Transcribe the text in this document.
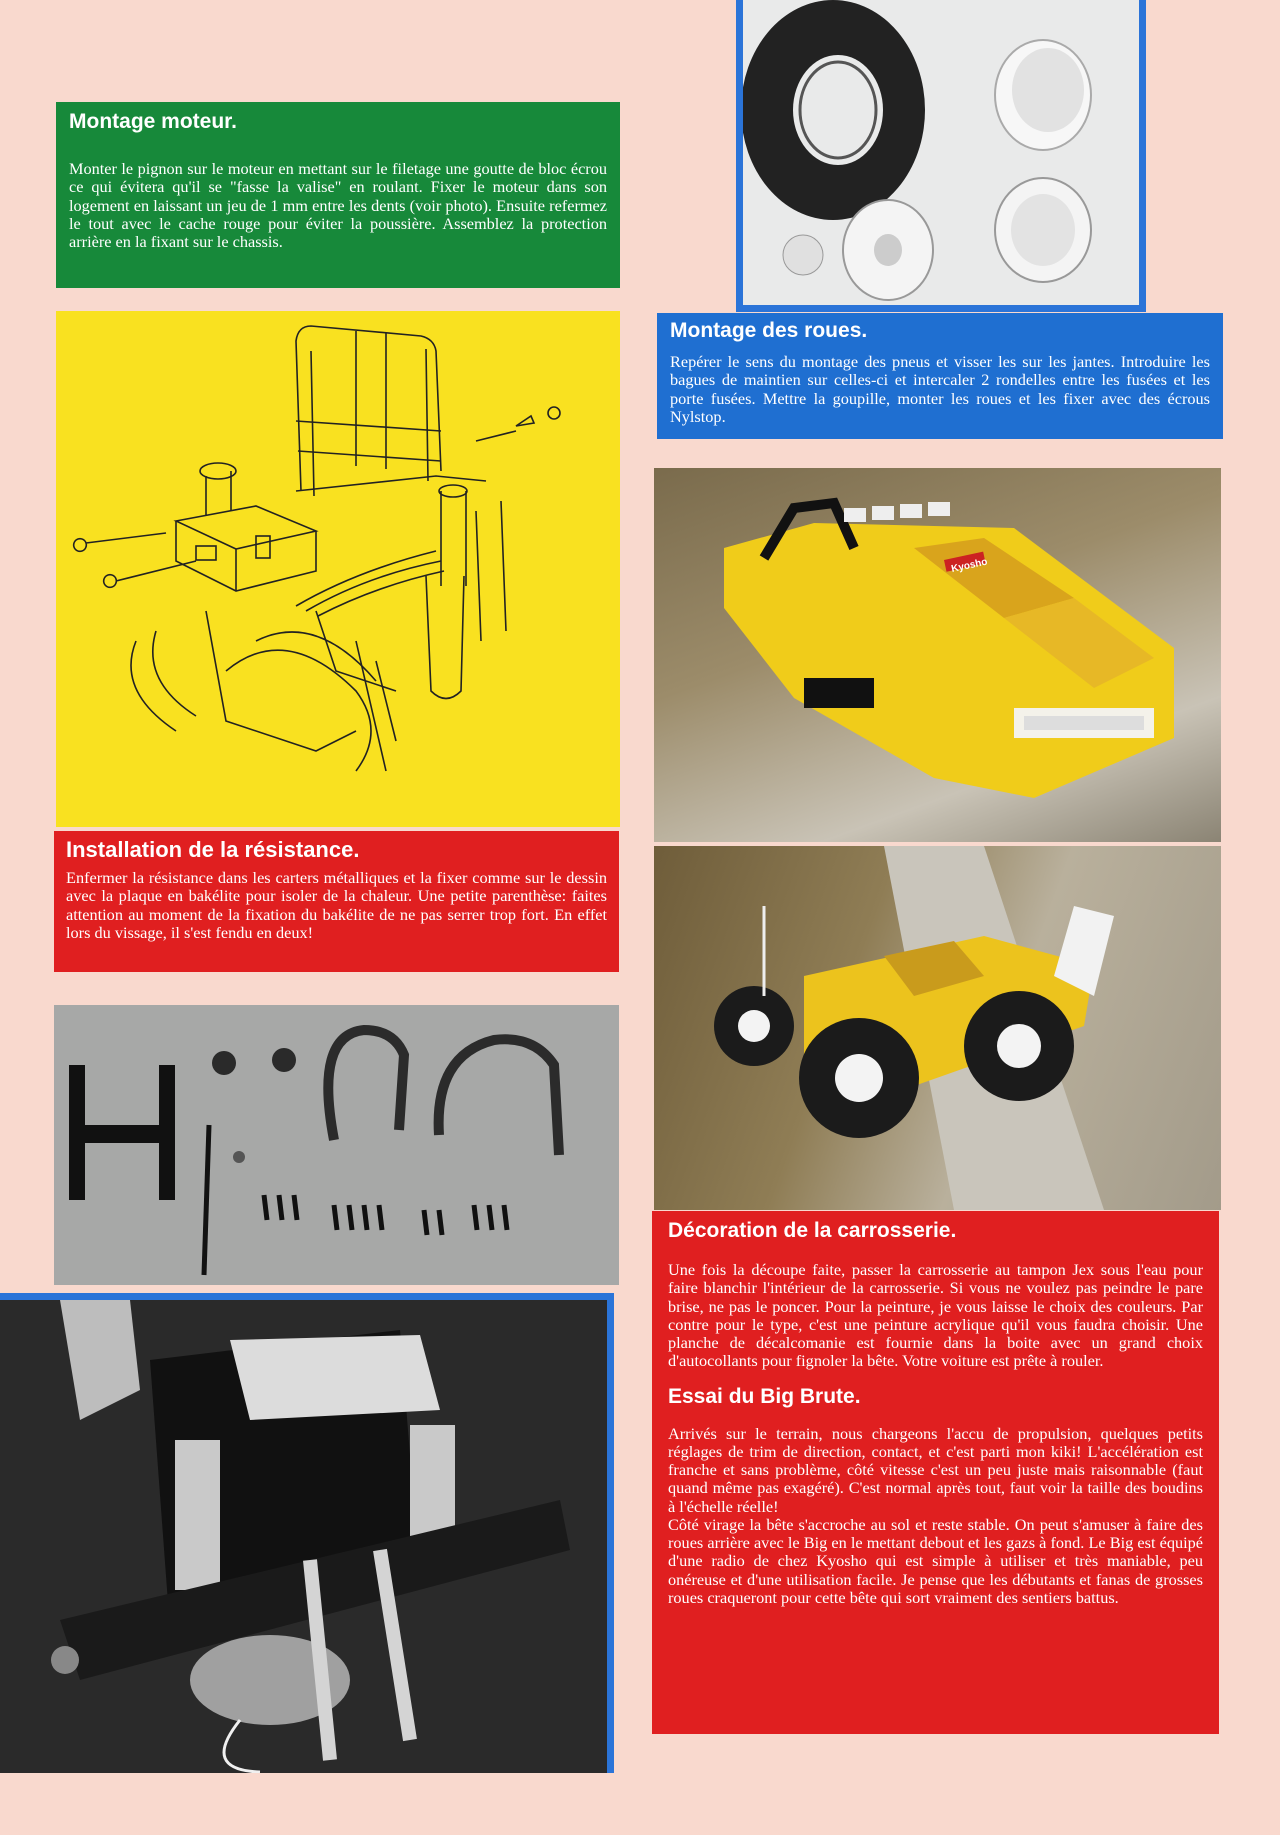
Montage moteur.

Monter le pignon sur le moteur en mettant sur le filetage une goutte de bloc écrou ce qui évitera qu'il se "fasse la valise" en roulant. Fixer le moteur dans son logement en laissant un jeu de 1 mm entre les dents (voir photo). Ensuite refermez le tout avec le cache rouge pour éviter la poussière. Assemblez la protection arrière en la fixant sur le chassis.

Montage des roues.

Repérer le sens du montage des pneus et visser les sur les jantes. Introduire les bagues de maintien sur celles-ci et intercaler 2 rondelles entre les fusées et les porte fusées. Mettre la goupille, monter les roues et les fixer avec des écrous Nylstop.

Installation de la résistance.

Enfermer la résistance dans les carters métalliques et la fixer comme sur le dessin avec la plaque en bakélite pour isoler de la chaleur. Une petite parenthèse: faites attention au moment de la fixation du bakélite de ne pas serrer trop fort. En effet lors du vissage, il s'est fendu en deux!

Décoration de la carrosserie.

Une fois la découpe faite, passer la carrosserie au tampon Jex sous l'eau pour faire blanchir l'intérieur de la carrosserie. Si vous ne voulez pas peindre le pare brise, ne pas le poncer. Pour la peinture, je vous laisse le choix des couleurs. Par contre pour le type, c'est une peinture acrylique qu'il vous faudra choisir. Une planche de décalcomanie est fournie dans la boite avec un grand choix d'autocollants pour fignoler la bête. Votre voiture est prête à rouler.

Essai du Big Brute.

Arrivés sur le terrain, nous chargeons l'accu de propulsion, quelques petits réglages de trim de direction, contact, et c'est parti mon kiki! L'accélération est franche et sans problème, côté vitesse c'est un peu juste mais raisonnable (faut quand même pas exagéré). C'est normal après tout, faut voir la taille des boudins à l'échelle réelle!

Côté virage la bête s'accroche au sol et reste stable. On peut s'amuser à faire des roues arrière avec le Big en le mettant debout et les gazs à fond. Le Big est équipé d'une radio de chez Kyosho qui est simple à utiliser et très maniable, peu onéreuse et d'une utilisation facile. Je pense que les débutants et fanas de grosses roues craqueront pour cette bête qui sort vraiment des sentiers battus.

Kyosho
